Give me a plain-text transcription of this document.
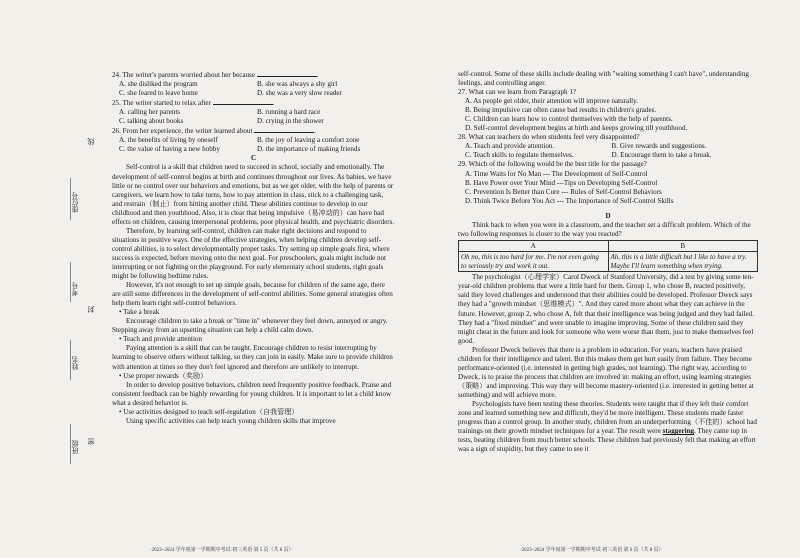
线
座位号
考号
封
姓名
班级 密

24. The writer's parents worried about her because	.

A. she disliked the program	B. she was always a shy girl
C. she feared to leave home	D. she was a very slow reader

25. The writer started to relax after	.

A. calling her parents	B. running a hard race
C. talking about books	D. crying in the shower

26. From her experience, the writer learned about	.

A. the benefits of living by oneself	B. the joy of leaving a comfort zone
C. the value of having a new hobby	D. the importance of making friends

C

Self-control is a skill that children need to succeed in school, socially and emotionally. The development of self-control begins at birth and continues throughout our lives. As babies, we have little or no control over our behaviors and emotions, but as we get older, with the help of parents or caregivers, we learn how to take turns, how to pay attention in class, stick to a challenging task, and restrain（制止）from hitting another child. These abilities continue to develop in our childhood and then youthhood. Also, it is clear that being impulsive（易冲动的）can have bad effects on children, causing interpersonal problems, poor physical health, and psychiatric disorders.

Therefore, by learning self-control, children can make right decisions and respond to situations in positive ways. One of the effective strategies, when helping children develop self-control abilities, is to select developmentally proper tasks. Try setting up simple goals first, where success is expected, before moving onto the next goal. For preschoolers, goals might include not interrupting or not fighting on the playground. For early elementary school students, right goals might be following bedtime rules.

However, it's not enough to set up simple goals, because for children of the same age, there are still some differences in the development of self-control abilities. Some general strategies often help them learn right self-control behaviors.

• Take a break

Encourage children to take a break or "time in" whenever they feel down, annoyed or angry. Stepping away from an upsetting situation can help a child calm down.

• Teach and provide attention

Paying attention is a skill that can be taught. Encourage children to resist interrupting by learning to observe others without talking, so they can join in easily. Make sure to provide children with attention at times so they don't feel ignored and therefore are unlikely to interrupt.

• Use proper rewards（奖励）

In order to develop positive behaviors, children need frequently positive feedback. Praise and consistent feedback can be highly rewarding for young children. It is important to let a child know what a desired behavior is.

• Use activities designed to teach self-regulation（自我管理）

Using specific activities can help teach young children skills that improve

·2023~2024 学年度第一学期期中考试·初三英语 第 5 页（共 8 页）·

self-control. Some of these skills include dealing with "waiting something I can't have", understanding feelings, and controlling anger.

27. What can we learn from Paragraph 1?

A. As people get older, their attention will improve naturally.

B. Being impulsive can often cause bad results in children's grades.

C. Children can learn how to control themselves with the help of parents.

D. Self-control development begins at birth and keeps growing till youthhood.

28. What can teachers do when students feel very disappointed?

A. Teach and provide attention.	B. Give rewards and suggestions.
C. Teach skills to regulate themselves.	D. Encourage them to take a break.

29. Which of the following would be the best title for the passage?

A. Time Waits for No Man --- The Development of Self-Control

B. Have Power over Your Mind ---Tips on Developing Self-Control

C. Prevention Is Better than Cure --- Rules of Self-Control Behaviors

D. Think Twice Before You Act --- The Importance of Self-Control Skills

D

Think back to when you were in a classroom, and the teacher set a difficult problem. Which of the two following responses is closer to the way you reacted?

A	B
Oh no, this is too hard for me. I'm not even going to seriously try and work it out.	Ah, this is a little difficult but I like to have a try. Maybe I'll learn something when trying.

The psychologist（心理学家）Carol Dweck of Stanford University, did a test by giving some ten-year-old children problems that were a little hard for them. Group 1, who chose B, reacted positively, said they loved challenges and understood that their abilities could be developed. Professor Dweck says they had a "growth mindset（思维模式）". And they cared more about what they can achieve in the future. However, group 2, who chose A, felt that their intelligence was being judged and they had failed. They had a "fixed mindset" and were unable to imagine improving. Some of these children said they might cheat in the future and look for someone who were worse than them, just to make themselves feel good.

Professor Dweck believes that there is a problem in education. For years, teachers have praised children for their intelligence and talent. But this makes them get hurt easily from failure. They become performance-oriented (i.e. interested in getting high grades, not learning). The right way, according to Dweck, is to praise the process that children are involved in: making an effort, using learning strategies（策略）and improving. This way they will become mastery-oriented (i.e. interested in getting better at something) and will achieve more.

Psychologists have been testing these theories. Students were taught that if they left their comfort zone and learned something new and difficult, they'd be more intelligent. These students made faster progress than a control group. In another study, children from an underperforming（不佳的）school had trainings on their growth mindset techniques for a year. The result were staggering. They came top in tests, beating children from much better schools. These children had previously felt that making an effort was a sign of stupidity, but they came to see it

·2023~2024 学年度第一学期期中考试·初三英语 第 6 页（共 8 页）·
